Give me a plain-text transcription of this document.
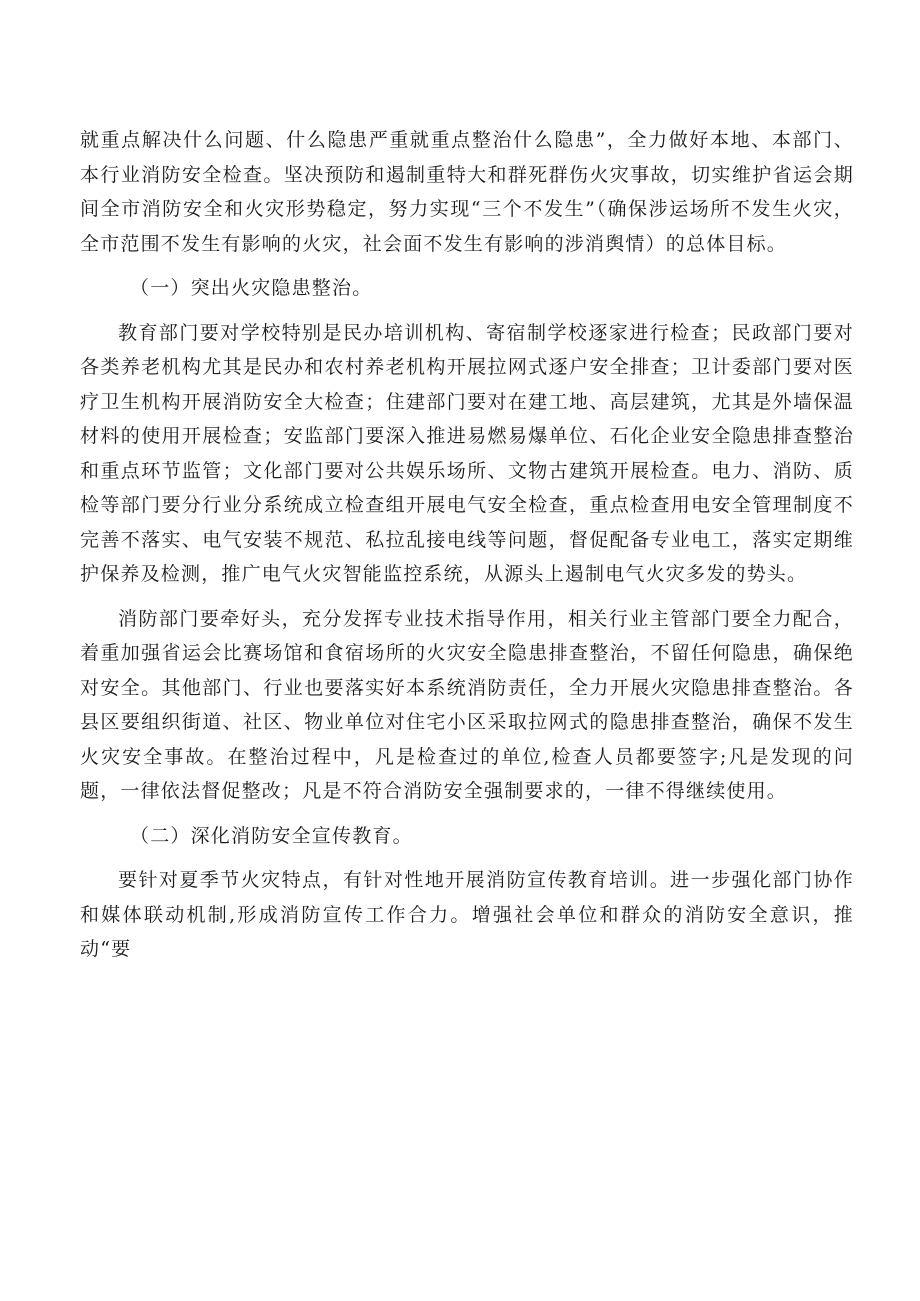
就重点解决什么问题、什么隐患严重就重点整治什么隐患”，全力做好本地、本部门、本行业消防安全检查。坚决预防和遏制重特大和群死群伤火灾事故，切实维护省运会期间全市消防安全和火灾形势稳定，努力实现“三个不发生”（确保涉运场所不发生火灾，全市范围不发生有影响的火灾，社会面不发生有影响的涉消舆情）的总体目标。

（一）突出火灾隐患整治。

教育部门要对学校特别是民办培训机构、寄宿制学校逐家进行检查；民政部门要对各类养老机构尤其是民办和农村养老机构开展拉网式逐户安全排查；卫计委部门要对医疗卫生机构开展消防安全大检查；住建部门要对在建工地、高层建筑，尤其是外墙保温材料的使用开展检查；安监部门要深入推进易燃易爆单位、石化企业安全隐患排查整治和重点环节监管；文化部门要对公共娱乐场所、文物古建筑开展检查。电力、消防、质检等部门要分行业分系统成立检查组开展电气安全检查，重点检查用电安全管理制度不完善不落实、电气安装不规范、私拉乱接电线等问题，督促配备专业电工，落实定期维护保养及检测，推广电气火灾智能监控系统，从源头上遏制电气火灾多发的势头。

消防部门要牵好头，充分发挥专业技术指导作用，相关行业主管部门要全力配合，着重加强省运会比赛场馆和食宿场所的火灾安全隐患排查整治，不留任何隐患，确保绝对安全。其他部门、行业也要落实好本系统消防责任，全力开展火灾隐患排查整治。各县区要组织街道、社区、物业单位对住宅小区采取拉网式的隐患排查整治，确保不发生火灾安全事故。在整治过程中，凡是检查过的单位,检查人员都要签字;凡是发现的问题，一律依法督促整改；凡是不符合消防安全强制要求的，一律不得继续使用。

（二）深化消防安全宣传教育。

要针对夏季节火灾特点，有针对性地开展消防宣传教育培训。进一步强化部门协作和媒体联动机制,形成消防宣传工作合力。增强社会单位和群众的消防安全意识，推动“要
